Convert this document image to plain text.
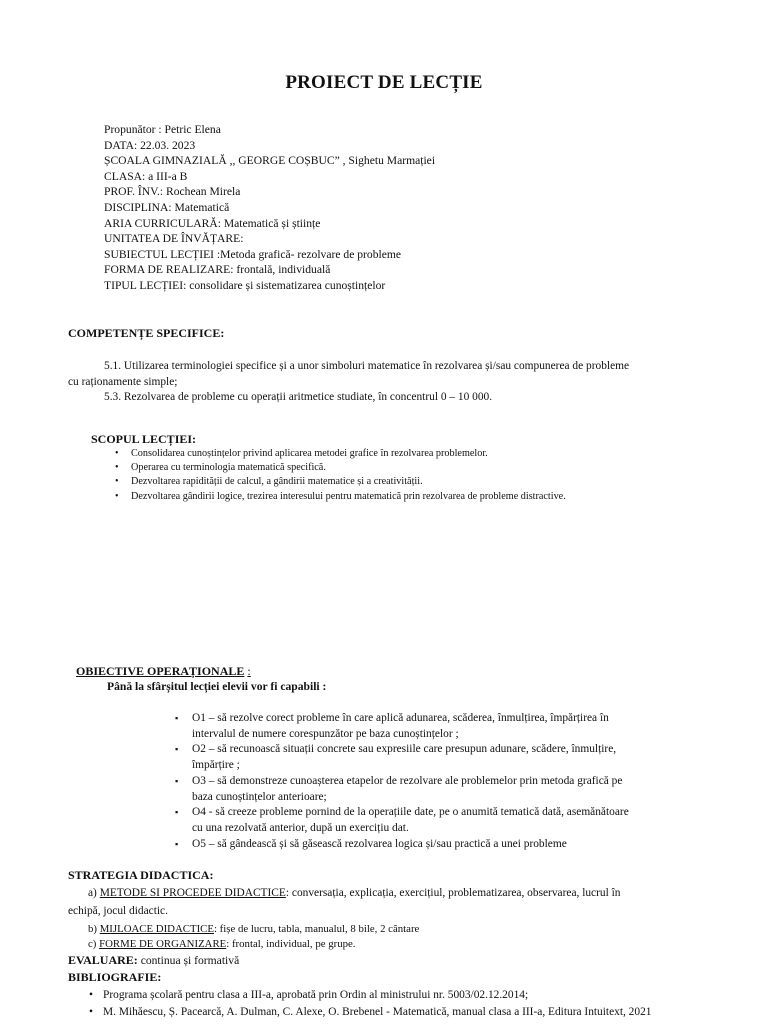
PROIECT DE LECȚIE
Propunător : Petric Elena
DATA: 22.03. 2023
ȘCOALA GIMNAZIALĂ ,, GEORGE COȘBUC” , Sighetu Marmației
CLASA: a III-a B
PROF. ÎNV.: Rochean Mirela
DISCIPLINA: Matematică
ARIA CURRICULARĂ: Matematică și științe
UNITATEA DE ÎNVĂȚARE:
SUBIECTUL LECȚIEI :Metoda grafică- rezolvare de probleme
FORMA DE REALIZARE: frontală, individuală
TIPUL LECȚIEI: consolidare și sistematizarea cunoștințelor
COMPETENȚE SPECIFICE:
5.1. Utilizarea terminologiei specifice și a unor simboluri matematice în rezolvarea și/sau compunerea de probleme
cu raționamente simple;
5.3. Rezolvarea de probleme cu operații aritmetice studiate, în concentrul 0 – 10 000.
SCOPUL LECȚIEI:
• Consolidarea cunoștințelor privind aplicarea metodei grafice în rezolvarea problemelor.
• Operarea cu terminologia matematică specifică.
• Dezvoltarea rapidității de calcul, a gândirii matematice și a creativității.
• Dezvoltarea gândirii logice, trezirea interesului pentru matematică prin rezolvarea de probleme distractive.
OBIECTIVE OPERAȚIONALE :
Până la sfârșitul lecției elevii vor fi capabili :
▪ O1 – să rezolve corect probleme în care aplică adunarea, scăderea, înmulțirea, împărțirea în
intervalul de numere corespunzător pe baza cunoștințelor ;
▪ O2 – să recunoască situații concrete sau expresiile care presupun adunare, scădere, înmulțire,
împărțire ;
▪ O3 – să demonstreze cunoașterea etapelor de rezolvare ale problemelor prin metoda grafică pe
baza cunoștințelor anterioare;
▪ O4 - să creeze probleme pornind de la operațiile date, pe o anumită tematică dată, asemănătoare
cu una rezolvată anterior, după un exercițiu dat.
▪ O5 – să gândească și să găsească rezolvarea logica și/sau practică a unei probleme
STRATEGIA DIDACTICA:
a) METODE SI PROCEDEE DIDACTICE: conversația, explicația, exercițiul, problematizarea, observarea, lucrul în
echipă, jocul didactic.
b) MIJLOACE DIDACTICE: fișe de lucru, tabla, manualul, 8 bile, 2 cântare
c) FORME DE ORGANIZARE: frontal, individual, pe grupe.
EVALUARE: continua și formativă
BIBLIOGRAFIE:
• Programa școlară pentru clasa a III-a, aprobată prin Ordin al ministrului nr. 5003/02.12.2014;
• M. Mihăescu, Ș. Pacearcă, A. Dulman, C. Alexe, O. Brebenel - Matematică, manual clasa a III-a, Editura Intuitext, 2021
